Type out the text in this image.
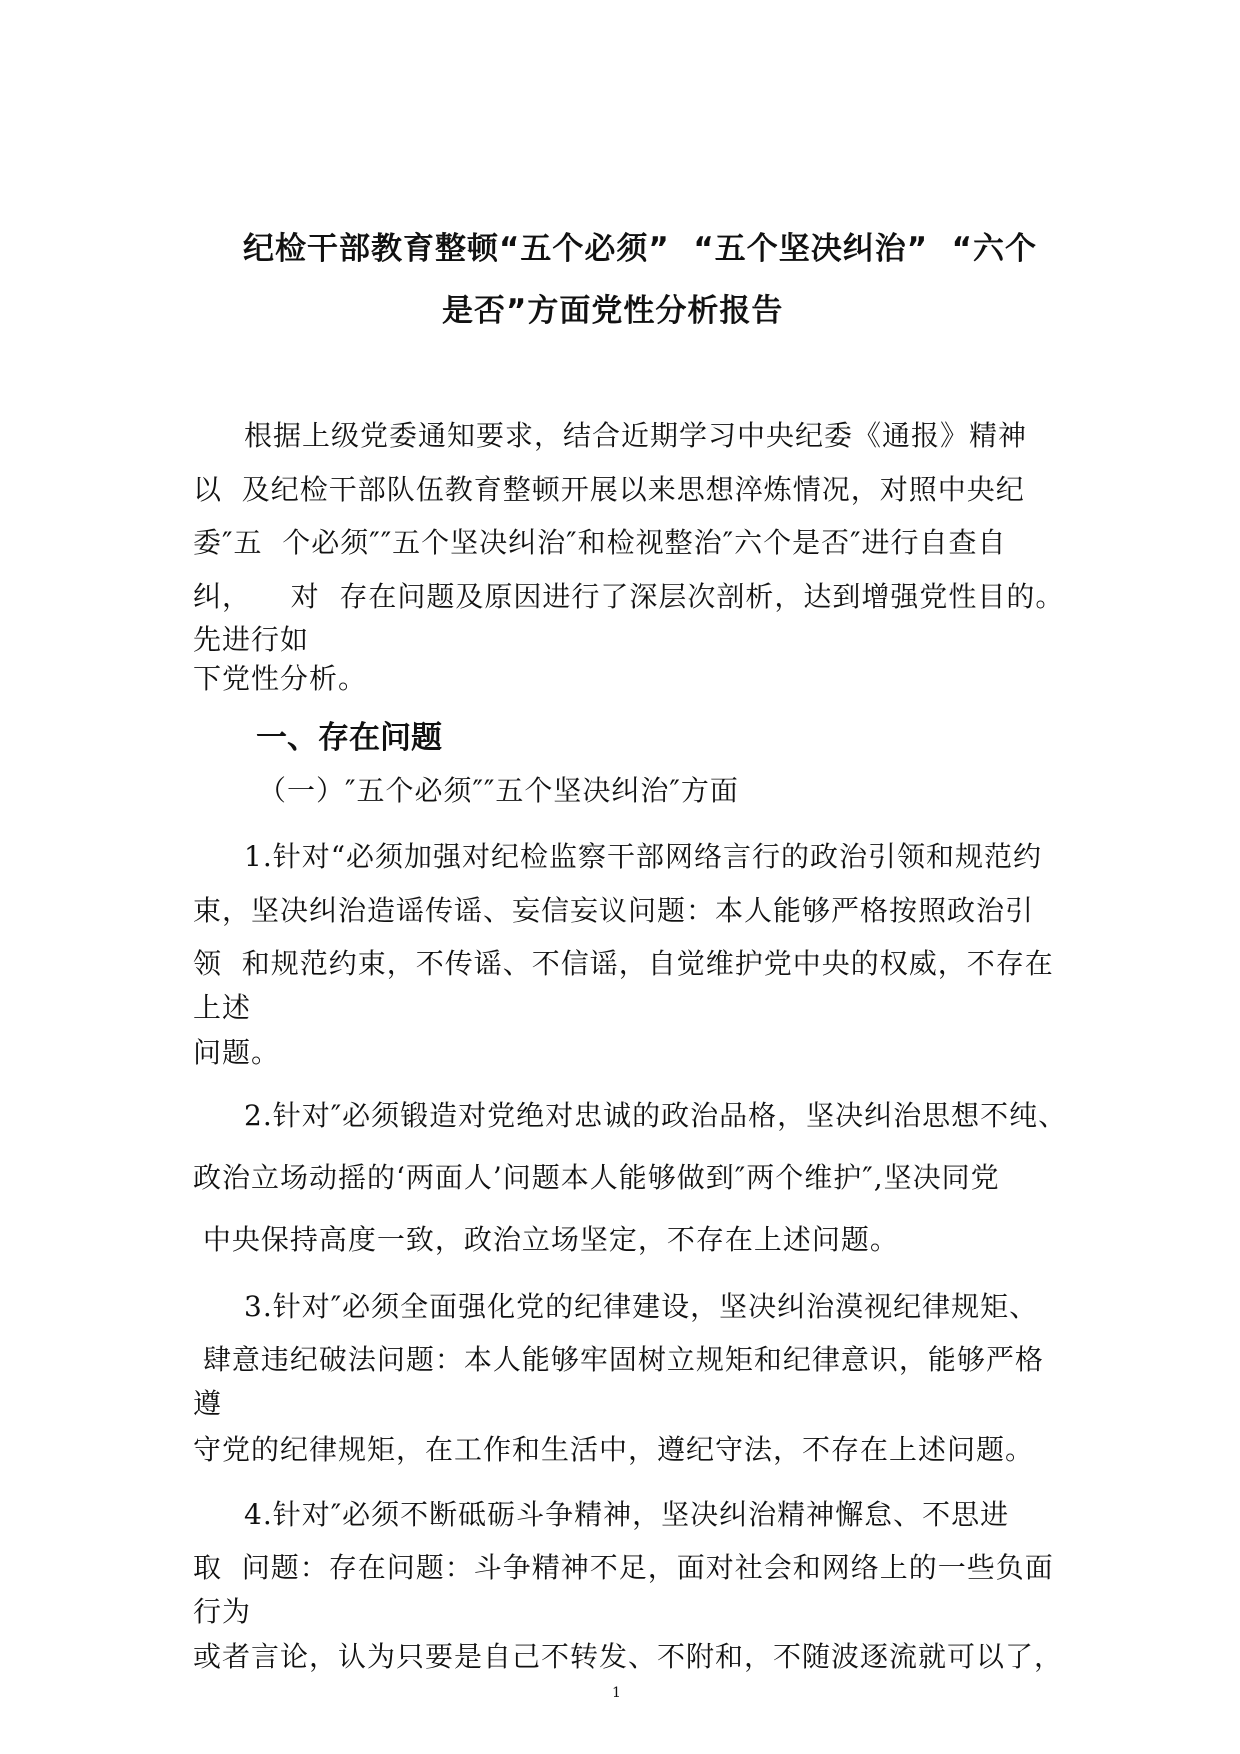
纪检干部教育整顿“五个必须”  “五个坚决纠治”  “六个
是否”方面党性分析报告
根据上级党委通知要求，结合近期学习中央纪委《通报》精神
以  及纪检干部队伍教育整顿开展以来思想淬炼情况，对照中央纪
委″五  个必须″″五个坚决纠治″和检视整治″六个是否″进行自查自
纠，    对  存在问题及原因进行了深层次剖析，达到增强党性目的。
先进行如
下党性分析。
一、存在问题
（一）″五个必须″″五个坚决纠治″方面
1.针对“必须加强对纪检监察干部网络言行的政治引领和规范约
束，坚决纠治造谣传谣、妄信妄议问题：本人能够严格按照政治引
领  和规范约束，不传谣、不信谣，自觉维护党中央的权威，不存在
上述
问题。
2.针对″必须锻造对党绝对忠诚的政治品格，坚决纠治思想不纯、
政治立场动摇的‘两面人’问题本人能够做到″两个维护″,坚决同党
中央保持高度一致，政治立场坚定，不存在上述问题。
3.针对″必须全面强化党的纪律建设，坚决纠治漠视纪律规矩、
肆意违纪破法问题：本人能够牢固树立规矩和纪律意识，能够严格
遵
守党的纪律规矩，在工作和生活中，遵纪守法，不存在上述问题。
4.针对″必须不断砥砺斗争精神，坚决纠治精神懈怠、不思进
取  问题：存在问题：斗争精神不足，面对社会和网络上的一些负面
行为
或者言论，认为只要是自己不转发、不附和，不随波逐流就可以了，
1
